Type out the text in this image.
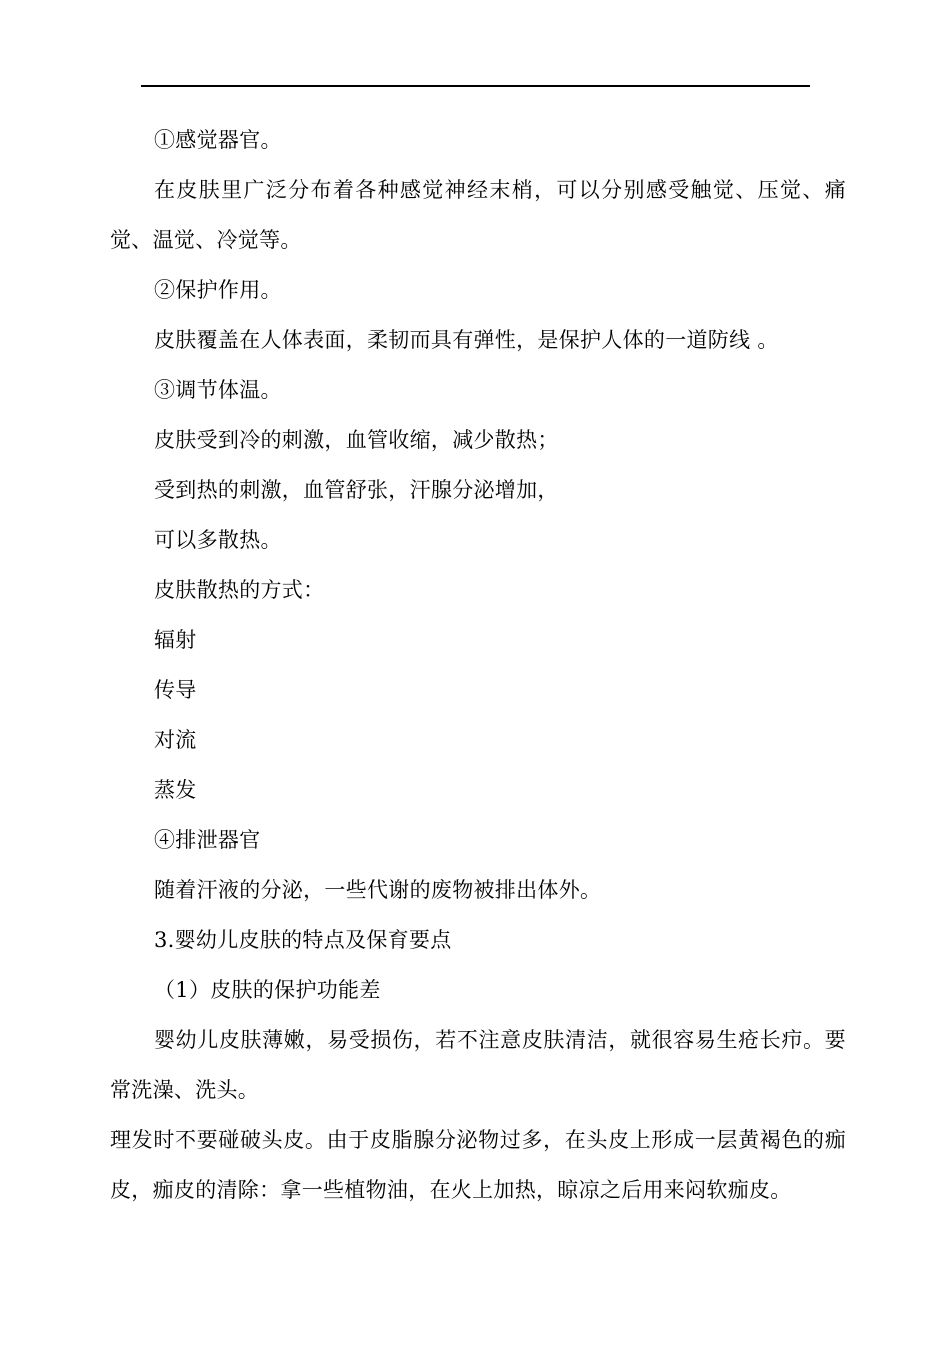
①感觉器官。

在皮肤里广泛分布着各种感觉神经末梢，可以分别感受触觉、压觉、痛觉、温觉、冷觉等。

②保护作用。

皮肤覆盖在人体表面，柔韧而具有弹性，是保护人体的一道防线 。

③调节体温。

皮肤受到冷的刺激，血管收缩，减少散热；

受到热的刺激，血管舒张，汗腺分泌增加，

可以多散热。

皮肤散热的方式：

辐射

传导

对流

蒸发

④排泄器官

随着汗液的分泌，一些代谢的废物被排出体外。

3.婴幼儿皮肤的特点及保育要点

（1）皮肤的保护功能差

婴幼儿皮肤薄嫩，易受损伤，若不注意皮肤清洁，就很容易生疮长疖。要常洗澡、洗头。

理发时不要碰破头皮。由于皮脂腺分泌物过多，在头皮上形成一层黄褐色的痂皮，痂皮的清除：拿一些植物油，在火上加热，晾凉之后用来闷软痂皮。
